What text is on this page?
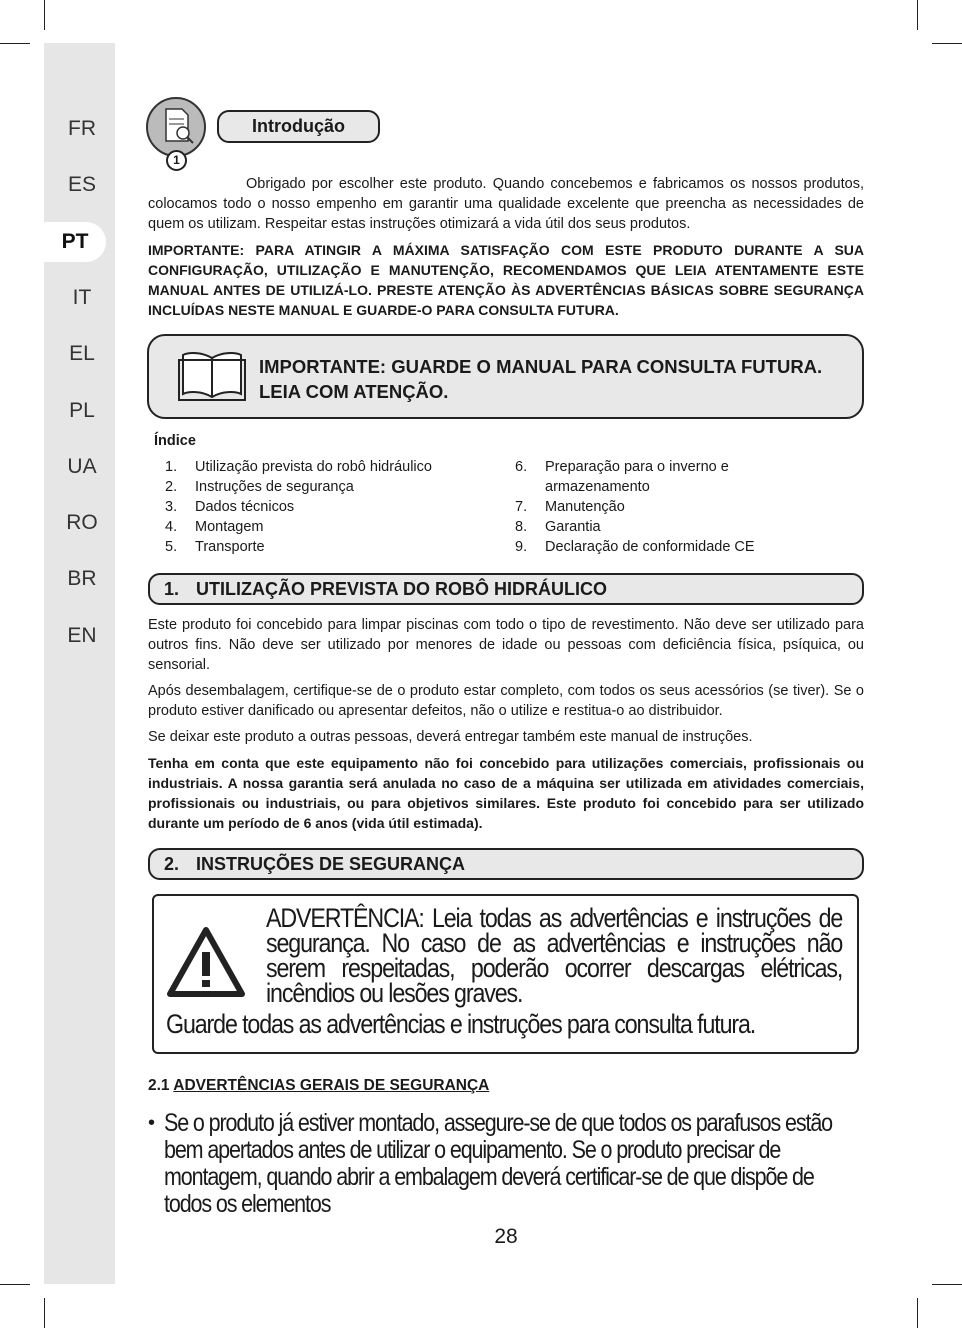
FR
ES
PT
IT
EL
PL
UA
RO
BR
EN
1
Introdução
Obrigado por escolher este produto. Quando concebemos e fabricamos os nossos produtos, colocamos todo o nosso empenho em garantir uma qualidade excelente que preencha as necessidades de quem os utilizam. Respeitar estas instruções otimizará a vida útil dos seus produtos.
IMPORTANTE: PARA ATINGIR A MÁXIMA SATISFAÇÃO COM ESTE PRODUTO DURANTE A SUA CONFIGURAÇÃO, UTILIZAÇÃO E MANUTENÇÃO, RECOMENDAMOS QUE LEIA ATENTAMENTE ESTE MANUAL ANTES DE UTILIZÁ-LO. PRESTE ATENÇÃO ÀS ADVERTÊNCIAS BÁSICAS SOBRE SEGURANÇA INCLUÍDAS NESTE MANUAL E GUARDE-O PARA CONSULTA FUTURA.
IMPORTANTE: GUARDE O MANUAL PARA CONSULTA FUTURA.
LEIA COM ATENÇÃO.
Índice
1. Utilização prevista do robô hidráulico
2. Instruções de segurança
3. Dados técnicos
4. Montagem
5. Transporte
6. Preparação para o inverno e
armazenamento
7. Manutenção
8. Garantia
9. Declaração de conformidade CE
1. UTILIZAÇÃO PREVISTA DO ROBÔ HIDRÁULICO
Este produto foi concebido para limpar piscinas com todo o tipo de revestimento. Não deve ser utilizado para outros fins. Não deve ser utilizado por menores de idade ou pessoas com deficiência física, psíquica, ou sensorial.
Após desembalagem, certifique-se de o produto estar completo, com todos os seus acessórios (se tiver). Se o produto estiver danificado ou apresentar defeitos, não o utilize e restitua-o ao distribuidor.
Se deixar este produto a outras pessoas, deverá entregar também este manual de instruções.
Tenha em conta que este equipamento não foi concebido para utilizações comerciais, profissionais ou industriais. A nossa garantia será anulada no caso de a máquina ser utilizada em atividades comerciais, profissionais ou industriais, ou para objetivos similares. Este produto foi concebido para ser utilizado durante um período de 6 anos (vida útil estimada).
2. INSTRUÇÕES DE SEGURANÇA
ADVERTÊNCIA: Leia todas as advertências e instruções de segurança. No caso de as advertências e instruções não serem respeitadas, poderão ocorrer descargas elétricas, incêndios ou lesões graves.
Guarde todas as advertências e instruções para consulta futura.
2.1 ADVERTÊNCIAS GERAIS DE SEGURANÇA
• Se o produto já estiver montado, assegure-se de que todos os parafusos estão bem apertados antes de utilizar o equipamento. Se o produto precisar de montagem, quando abrir a embalagem deverá certificar-se de que dispõe de todos os elementos
28
